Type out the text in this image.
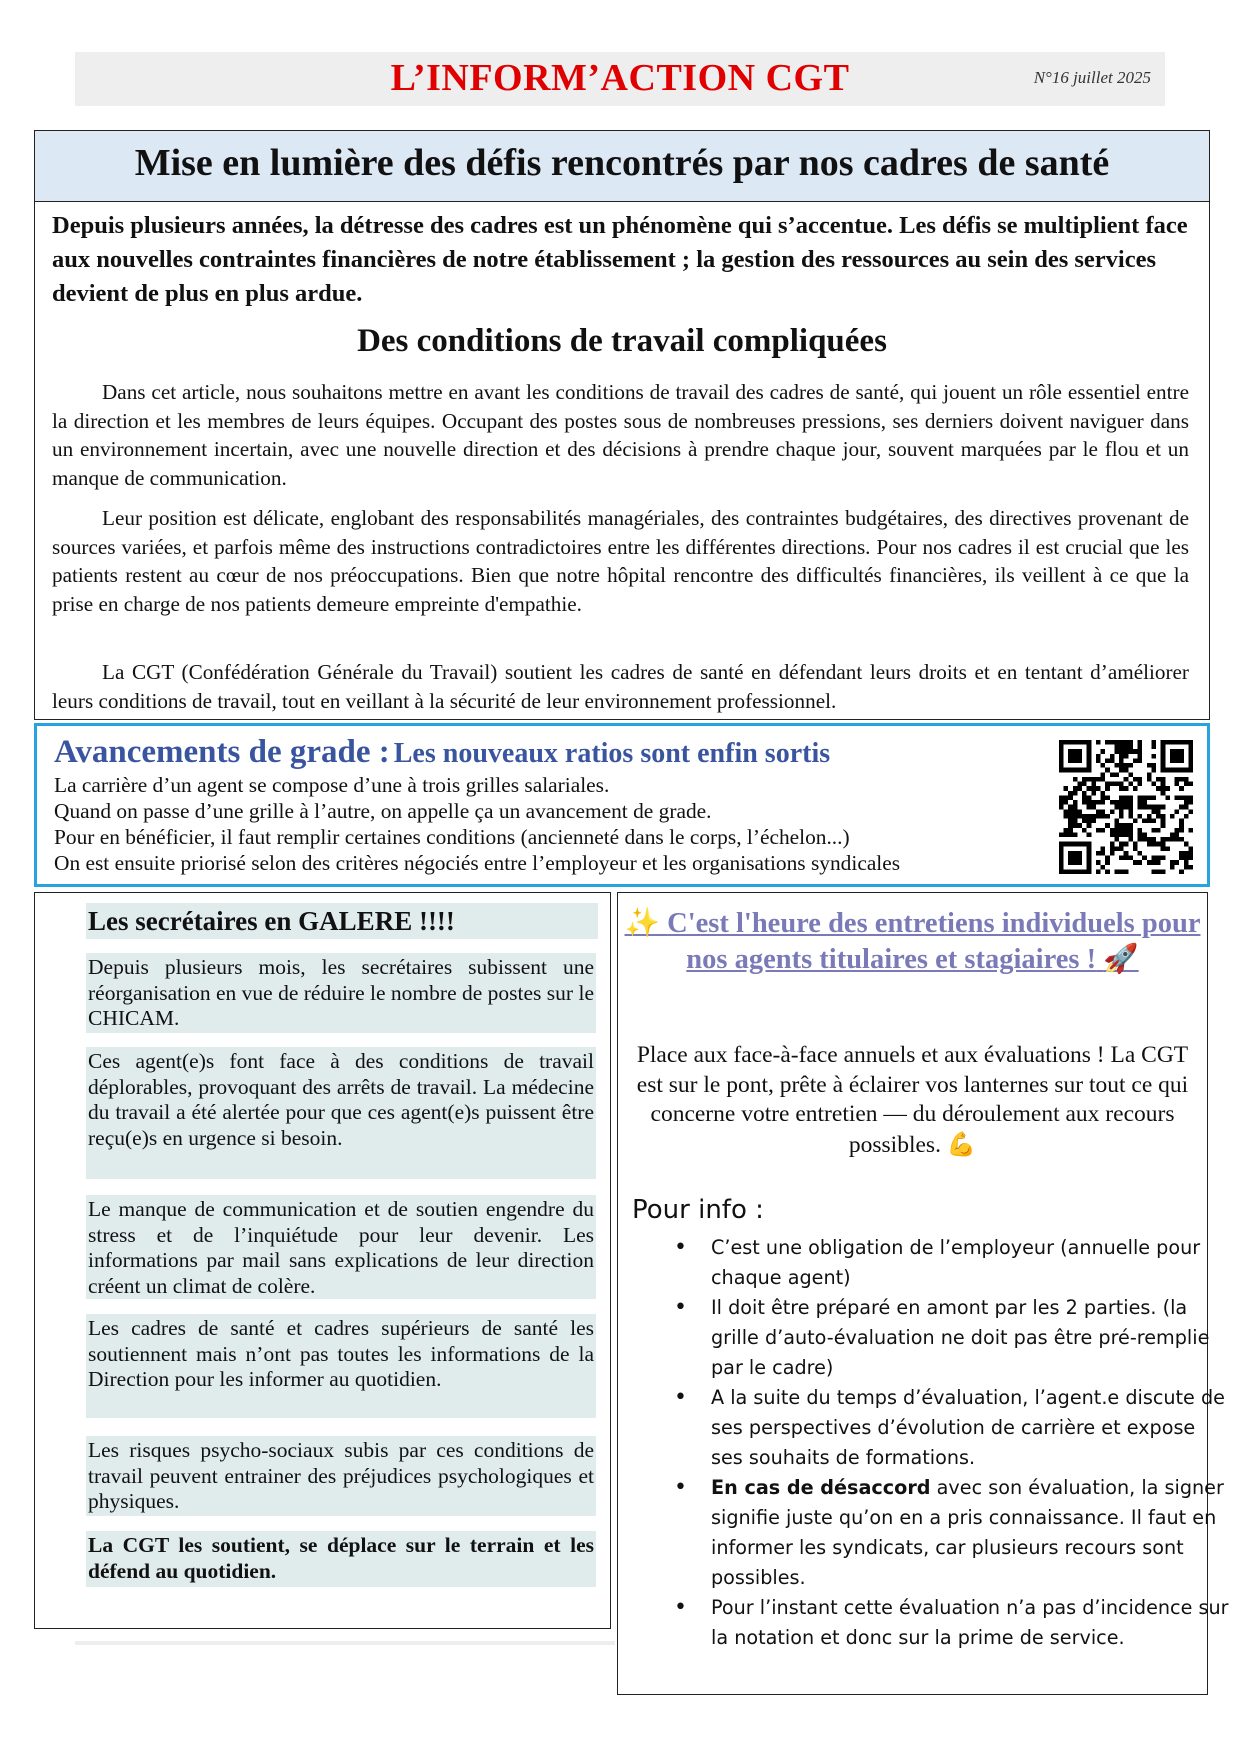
L’INFORM’ACTION CGT	N°16 juillet 2025
Mise en lumière des défis rencontrés par nos cadres de santé
Depuis plusieurs années, la détresse des cadres est un phénomène qui s’accentue. Les défis se multiplient face aux nouvelles contraintes financières de notre établissement ; la gestion des ressources au sein des services devient de plus en plus ardue.
Des conditions de travail compliquées
Dans cet article, nous souhaitons mettre en avant les conditions de travail des cadres de santé, qui jouent un rôle essentiel entre la direction et les membres de leurs équipes. Occupant des postes sous de nombreuses pressions, ses derniers doivent naviguer dans un environnement incertain, avec une nouvelle direction et des décisions à prendre chaque jour, souvent marquées par le flou et un manque de communication.
Leur position est délicate, englobant des responsabilités managériales, des contraintes budgétaires, des directives provenant de sources variées, et parfois même des instructions contradictoires entre les différentes directions. Pour nos cadres il est crucial que les patients restent au cœur de nos préoccupations. Bien que notre hôpital rencontre des difficultés financières, ils veillent à ce que la prise en charge de nos patients demeure empreinte d'empathie.
La CGT (Confédération Générale du Travail) soutient les cadres de santé en défendant leurs droits et en tentant d’améliorer leurs conditions de travail, tout en veillant à la sécurité de leur environnement professionnel.
Avancements de grade : Les nouveaux ratios sont enfin sortis
La carrière d’un agent se compose d’une à trois grilles salariales.
Quand on passe d’une grille à l’autre, on appelle ça un avancement de grade.
Pour en bénéficier, il faut remplir certaines conditions (ancienneté dans le corps, l’échelon...)
On est ensuite priorisé selon des critères négociés entre l’employeur et les organisations syndicales
Les secrétaires en GALERE !!!!
Depuis plusieurs mois, les secrétaires subissent une réorganisation en vue de réduire le nombre de postes sur le CHICAM.
Ces agent(e)s font face à des conditions de travail déplorables, provoquant des arrêts de travail. La médecine du travail a été alertée pour que ces agent(e)s puissent être reçu(e)s en urgence si besoin.
Le manque de communication et de soutien engendre du stress et de l’inquiétude pour leur devenir. Les informations par mail sans explications de leur direction créent un climat de colère.
Les cadres de santé et cadres supérieurs de santé les soutiennent mais n’ont pas toutes les informations de la Direction pour les informer au quotidien.
Les risques psycho-sociaux subis par ces conditions de travail peuvent entrainer des préjudices psychologiques et physiques.
La CGT les soutient, se déplace sur le terrain et les défend au quotidien.
✨ C'est l'heure des entretiens individuels pour nos agents titulaires et stagiaires ! 🚀
Place aux face-à-face annuels et aux évaluations ! La CGT est sur le pont, prête à éclairer vos lanternes sur tout ce qui concerne votre entretien — du déroulement aux recours possibles. 💪
Pour info :
• C’est une obligation de l’employeur (annuelle pour chaque agent)
• Il doit être préparé en amont par les 2 parties. (la grille d’auto-évaluation ne doit pas être pré-remplie par le cadre)
• A la suite du temps d’évaluation, l’agent.e discute de ses perspectives d’évolution de carrière et expose ses souhaits de formations.
• En cas de désaccord avec son évaluation, la signer signifie juste qu’on en a pris connaissance. Il faut en informer les syndicats, car plusieurs recours sont possibles.
• Pour l’instant cette évaluation n’a pas d’incidence sur la notation et donc sur la prime de service.
